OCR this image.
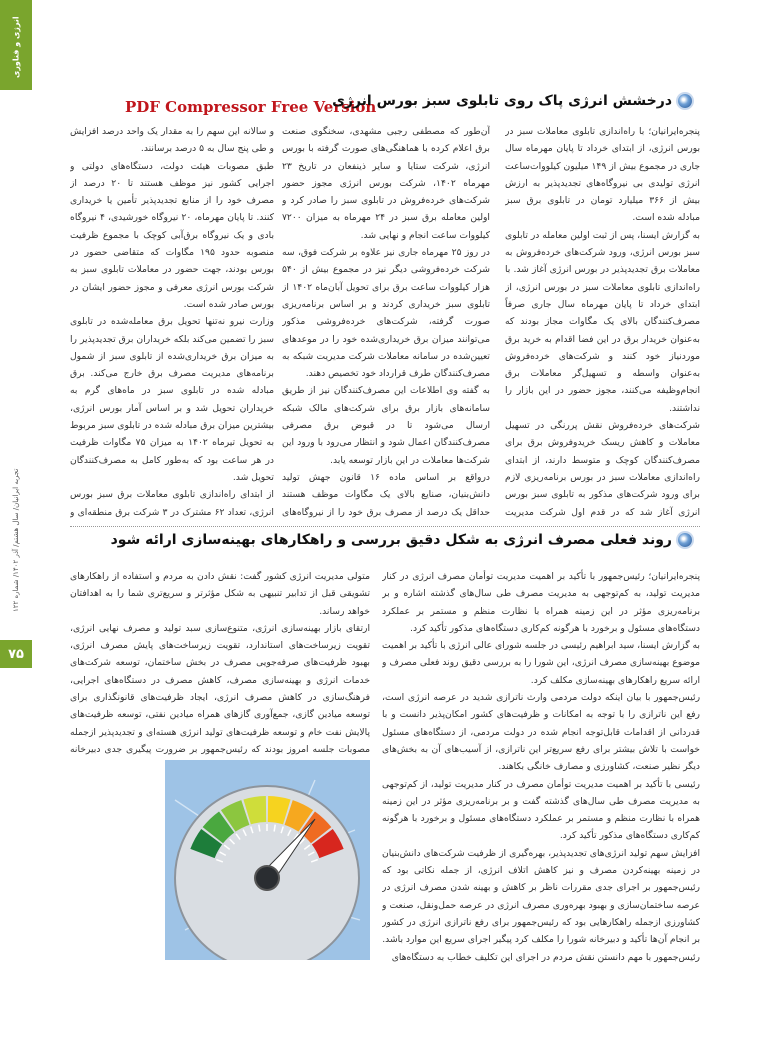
انرژی و فناوری
تجربه ایرانیان/ سال هشتم/ آذر ۱۴۰۲/ شماره ۱۲۲
۷۵
PDF Compressor Free Version
درخشش انرژی پاک روی تابلوی سبز بورس انرژی

پنجره‌ایرانیان؛ با راه‌اندازی تابلوی معاملات سبز در بورس انرژی، از ابتدای خرداد تا پایان مهرماه سال جاری در مجموع بیش از ۱۴۹ میلیون کیلووات‌ساعت انرژی تولیدی بی نیروگاه‌های تجدیدپذیر به ارزش بیش از ۳۶۶ میلیارد تومان در تابلوی برق سبز مبادله شده است.

به گزارش ایسنا، پس از ثبت اولین معامله در تابلوی سبز بورس انرژی، ورود شرکت‌های خرده‌فروش به معاملات برق تجدیدپذیر در بورس انرژی آغاز شد. با راه‌اندازی تابلوی معاملات سبز در بورس انرژی، از ابتدای خرداد تا پایان مهرماه سال جاری صرفاً مصرف‌کنندگان بالای یک مگاوات مجاز بودند که به‌عنوان خریدار برق در این فضا اقدام به خرید برق موردنیاز خود کنند و شرکت‌های خرده‌فروش به‌عنوان واسطه و تسهیل‌گر معاملات برق انجام‌وظیفه می‌کنند، مجوز حضور در این بازار را نداشتند.

شرکت‌های خرده‌فروش نقش پررنگی در تسهیل معاملات و کاهش ریسک خریدوفروش برق برای مصرف‌کنندگان کوچک و متوسط دارند، از ابتدای راه‌اندازی معاملات سبز در بورس برنامه‌ریزی لازم برای ورود شرکت‌های مذکور به تابلوی سبز بورس انرژی آغاز شد که در قدم اول شرکت مدیریت

آن‌طور که مصطفی رجبی مشهدی، سخنگوی صنعت برق اعلام کرده با هماهنگی‌های صورت گرفته با بورس انرژی، شرکت ستایا و سایر ذینفعان در تاریخ ۲۳ مهرماه ۱۴۰۲، شرکت بورس انرژی مجوز حضور شرکت‌های خرده‌فروش در تابلوی سبز را صادر کرد و اولین معامله برق سبز در ۲۴ مهرماه به میزان ۷۲۰۰ کیلووات ساعت انجام و نهایی شد.

در روز ۲۵ مهرماه جاری نیز علاوه بر شرکت فوق، سه شرکت خرده‌فروشی دیگر نیز در مجموع بیش از ۵۴۰ هزار کیلووات ساعت برق برای تحویل آبان‌ماه ۱۴۰۲ از تابلوی سبز خریداری کردند و بر اساس برنامه‌ریزی صورت گرفته، شرکت‌های خرده‌فروشی مذکور می‌توانند میزان برق خریداری‌شده خود را در موعدهای تعیین‌شده در سامانه معاملات شرکت مدیریت شبکه به مصرف‌کنندگان طرف قرارداد خود تخصیص دهند.

به گفته وی اطلاعات این مصرف‌کنندگان نیز از طریق سامانه‌های بازار برق برای شرکت‌های مالک شبکه ارسال می‌شود تا در قبوض برق مصرفی مصرف‌کنندگان اعمال شود و انتظار می‌رود با ورود این شرکت‌ها معاملات در این بازار توسعه یابد.

درواقع بر اساس ماده ۱۶ قانون جهش تولید دانش‌بنیان، صنایع بالای یک مگاوات موظف هستند حداقل یک درصد از مصرف برق خود را از نیروگاه‌های

و سالانه این سهم را به مقدار یک واحد درصد افزایش و طی پنج سال به ۵ درصد برسانند.

طبق مصوبات هیئت دولت، دستگاه‌های دولتی و اجرایی کشور نیز موظف هستند تا ۲۰ درصد از مصرف خود را از منابع تجدیدپذیر تأمین یا خریداری کنند. تا پایان مهرماه، ۲۰ نیروگاه خورشیدی، ۴ نیروگاه بادی و یک نیروگاه برق‌آبی کوچک با مجموع ظرفیت منصوبه حدود ۱۹۵ مگاوات که متقاضی حضور در بورس بودند، جهت حضور در معاملات تابلوی سبز به شرکت بورس انرژی معرفی و مجوز حضور ایشان در بورس صادر شده است.

وزارت نیرو نه‌تنها تحویل برق معامله‌شده در تابلوی سبز را تضمین می‌کند بلکه خریداران برق تجدیدپذیر را به میزان برق خریداری‌شده از تابلوی سبز از شمول برنامه‌های مدیریت مصرف برق خارج می‌کند. برق مبادله شده در تابلوی سبز در ماه‌های گرم به خریداران تحویل شد و بر اساس آمار بورس انرژی، بیشترین میزان برق مبادله شده در تابلوی سبز مربوط به تحویل تیرماه ۱۴۰۲ به میزان ۷۵ مگاوات ظرفیت در هر ساعت بود که به‌طور کامل به مصرف‌کنندگان تحویل شد.

از ابتدای راه‌اندازی تابلوی معاملات برق سبز بورس انرژی، تعداد ۶۲ مشترک در ۳ شرکت برق منطقه‌ای و

روند فعلی مصرف انرژی به شکل دقیق بررسی و راهکارهای بهینه‌سازی ارائه شود

پنجره‌ایرانیان؛ رئیس‌جمهور با تأکید بر اهمیت مدیریت توأمان مصرف انرژی در کنار مدیریت تولید، به کم‌توجهی به مدیریت مصرف طی سال‌های گذشته اشاره و بر برنامه‌ریزی مؤثر در این زمینه همراه با نظارت منظم و مستمر بر عملکرد دستگاه‌های مسئول و برخورد با هرگونه کم‌کاری دستگاه‌های مذکور تأکید کرد.

به گزارش ایسنا، سید ابراهیم رئیسی در جلسه شورای عالی انرژی با تأکید بر اهمیت موضوع بهینه‌سازی مصرف انرژی، این شورا را به بررسی دقیق روند فعلی مصرف و ارائه سریع راهکارهای بهینه‌سازی مکلف کرد.

رئیس‌جمهور با بیان اینکه دولت مردمی وارث ناترازی شدید در عرصه انرژی است، رفع این ناترازی را با توجه به امکانات و ظرفیت‌های کشور امکان‌پذیر دانست و با قدردانی از اقدامات قابل‌توجه انجام شده در دولت مردمی، از دستگاه‌های مسئول خواست با تلاش بیشتر برای رفع سریع‌تر این ناترازی، از آسیب‌های آن به بخش‌های دیگر نظیر صنعت، کشاورزی و مصارف خانگی بکاهند.

رئیسی با تأکید بر اهمیت مدیریت توأمان مصرف در کنار مدیریت تولید، از کم‌توجهی به مدیریت مصرف طی سال‌های گذشته گفت و بر برنامه‌ریزی مؤثر در این زمینه همراه با نظارت منظم و مستمر بر عملکرد دستگاه‌های مسئول و برخورد با هرگونه کم‌کاری دستگاه‌های مذکور تأکید کرد.

افزایش سهم تولید انرژی‌های تجدیدپذیر، بهره‌گیری از ظرفیت شرکت‌های دانش‌بنیان در زمینه بهینه‌کردن مصرف و نیز کاهش اتلاف انرژی، از جمله نکاتی بود که رئیس‌جمهور بر اجرای جدی مقررات ناظر بر کاهش و بهینه شدن مصرف انرژی در عرصه ساختمان‌سازی و بهبود بهره‌وری مصرف انرژی در عرصه حمل‌ونقل، صنعت و کشاورزی ازجمله راهکارهایی بود که رئیس‌جمهور برای رفع ناترازی انرژی در کشور بر انجام آن‌ها تأکید و دبیرخانه شورا را مکلف کرد پیگیر اجرای سریع این موارد باشد.

رئیس‌جمهور با مهم دانستن نقش مردم در اجرای این تکلیف خطاب به دستگاه‌های

متولی مدیریت انرژی کشور گفت: نقش دادن به مردم و استفاده از راهکارهای تشویقی قبل از تدابیر تنبیهی به شکل مؤثرتر و سریع‌تری شما را به اهدافتان خواهد رساند.

ارتقای بازار بهینه‌سازی انرژی، متنوع‌سازی سبد تولید و مصرف نهایی انرژی، تقویت زیرساخت‌های استاندارد، تقویت زیرساخت‌های پایش مصرف انرژی، بهبود ظرفیت‌های صرفه‌جویی مصرف در بخش ساختمان، توسعه شرکت‌های خدمات انرژی و بهینه‌سازی مصرف، کاهش مصرف در دستگاه‌های اجرایی، فرهنگ‌سازی در کاهش مصرف انرژی، ایجاد ظرفیت‌های قانونگذاری برای توسعه میادین گازی، جمع‌آوری گازهای همراه میادین نفتی، توسعه ظرفیت‌های پالایش نفت خام و توسعه ظرفیت‌های تولید انرژی هسته‌ای و تجدیدپذیر ازجمله مصوبات جلسه امروز بودند که رئیس‌جمهور بر ضرورت پیگیری جدی دبیرخانه
